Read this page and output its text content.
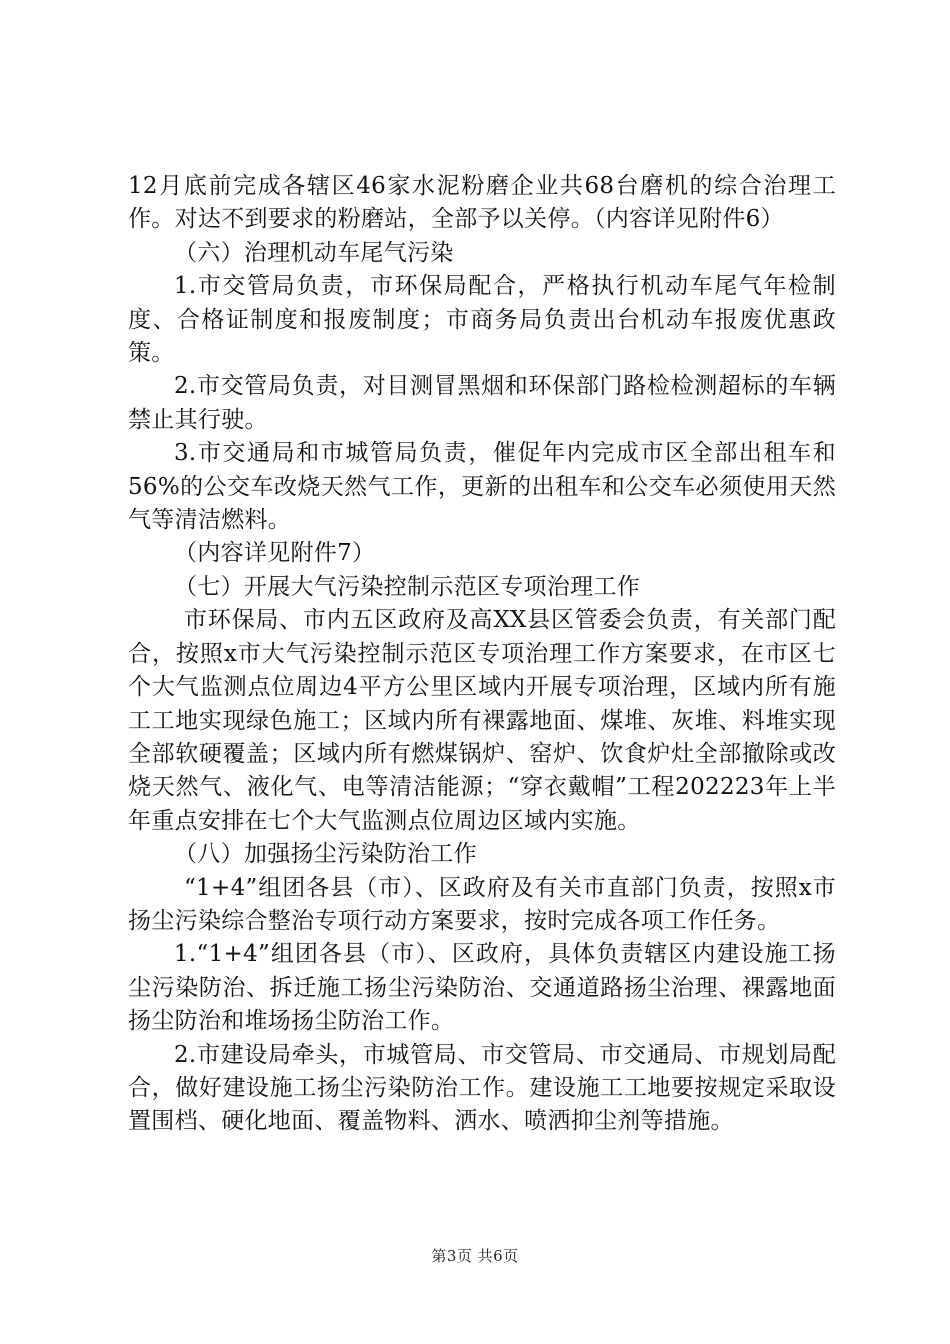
12月底前完成各辖区46家水泥粉磨企业共68台磨机的综合治理工作。对达不到要求的粉磨站，全部予以关停。（内容详见附件6）

（六）治理机动车尾气污染

1.市交管局负责，市环保局配合，严格执行机动车尾气年检制度、合格证制度和报废制度；市商务局负责出台机动车报废优惠政策。

2.市交管局负责，对目测冒黑烟和环保部门路检检测超标的车辆禁止其行驶。

3.市交通局和市城管局负责，催促年内完成市区全部出租车和56%的公交车改烧天然气工作，更新的出租车和公交车必须使用天然气等清洁燃料。

（内容详见附件7）

（七）开展大气污染控制示范区专项治理工作

市环保局、市内五区政府及高XX县区管委会负责，有关部门配合，按照x市大气污染控制示范区专项治理工作方案要求，在市区七个大气监测点位周边4平方公里区域内开展专项治理，区域内所有施工工地实现绿色施工；区域内所有裸露地面、煤堆、灰堆、料堆实现全部软硬覆盖；区域内所有燃煤锅炉、窑炉、饮食炉灶全部撤除或改烧天然气、液化气、电等清洁能源；“穿衣戴帽”工程202223年上半年重点安排在七个大气监测点位周边区域内实施。

（八）加强扬尘污染防治工作

“1+4”组团各县（市）、区政府及有关市直部门负责，按照x市扬尘污染综合整治专项行动方案要求，按时完成各项工作任务。

1.“1+4”组团各县（市）、区政府，具体负责辖区内建设施工扬尘污染防治、拆迁施工扬尘污染防治、交通道路扬尘治理、裸露地面扬尘防治和堆场扬尘防治工作。

2.市建设局牵头，市城管局、市交管局、市交通局、市规划局配合，做好建设施工扬尘污染防治工作。建设施工工地要按规定采取设置围档、硬化地面、覆盖物料、洒水、喷洒抑尘剂等措施。

第3页 共6页
